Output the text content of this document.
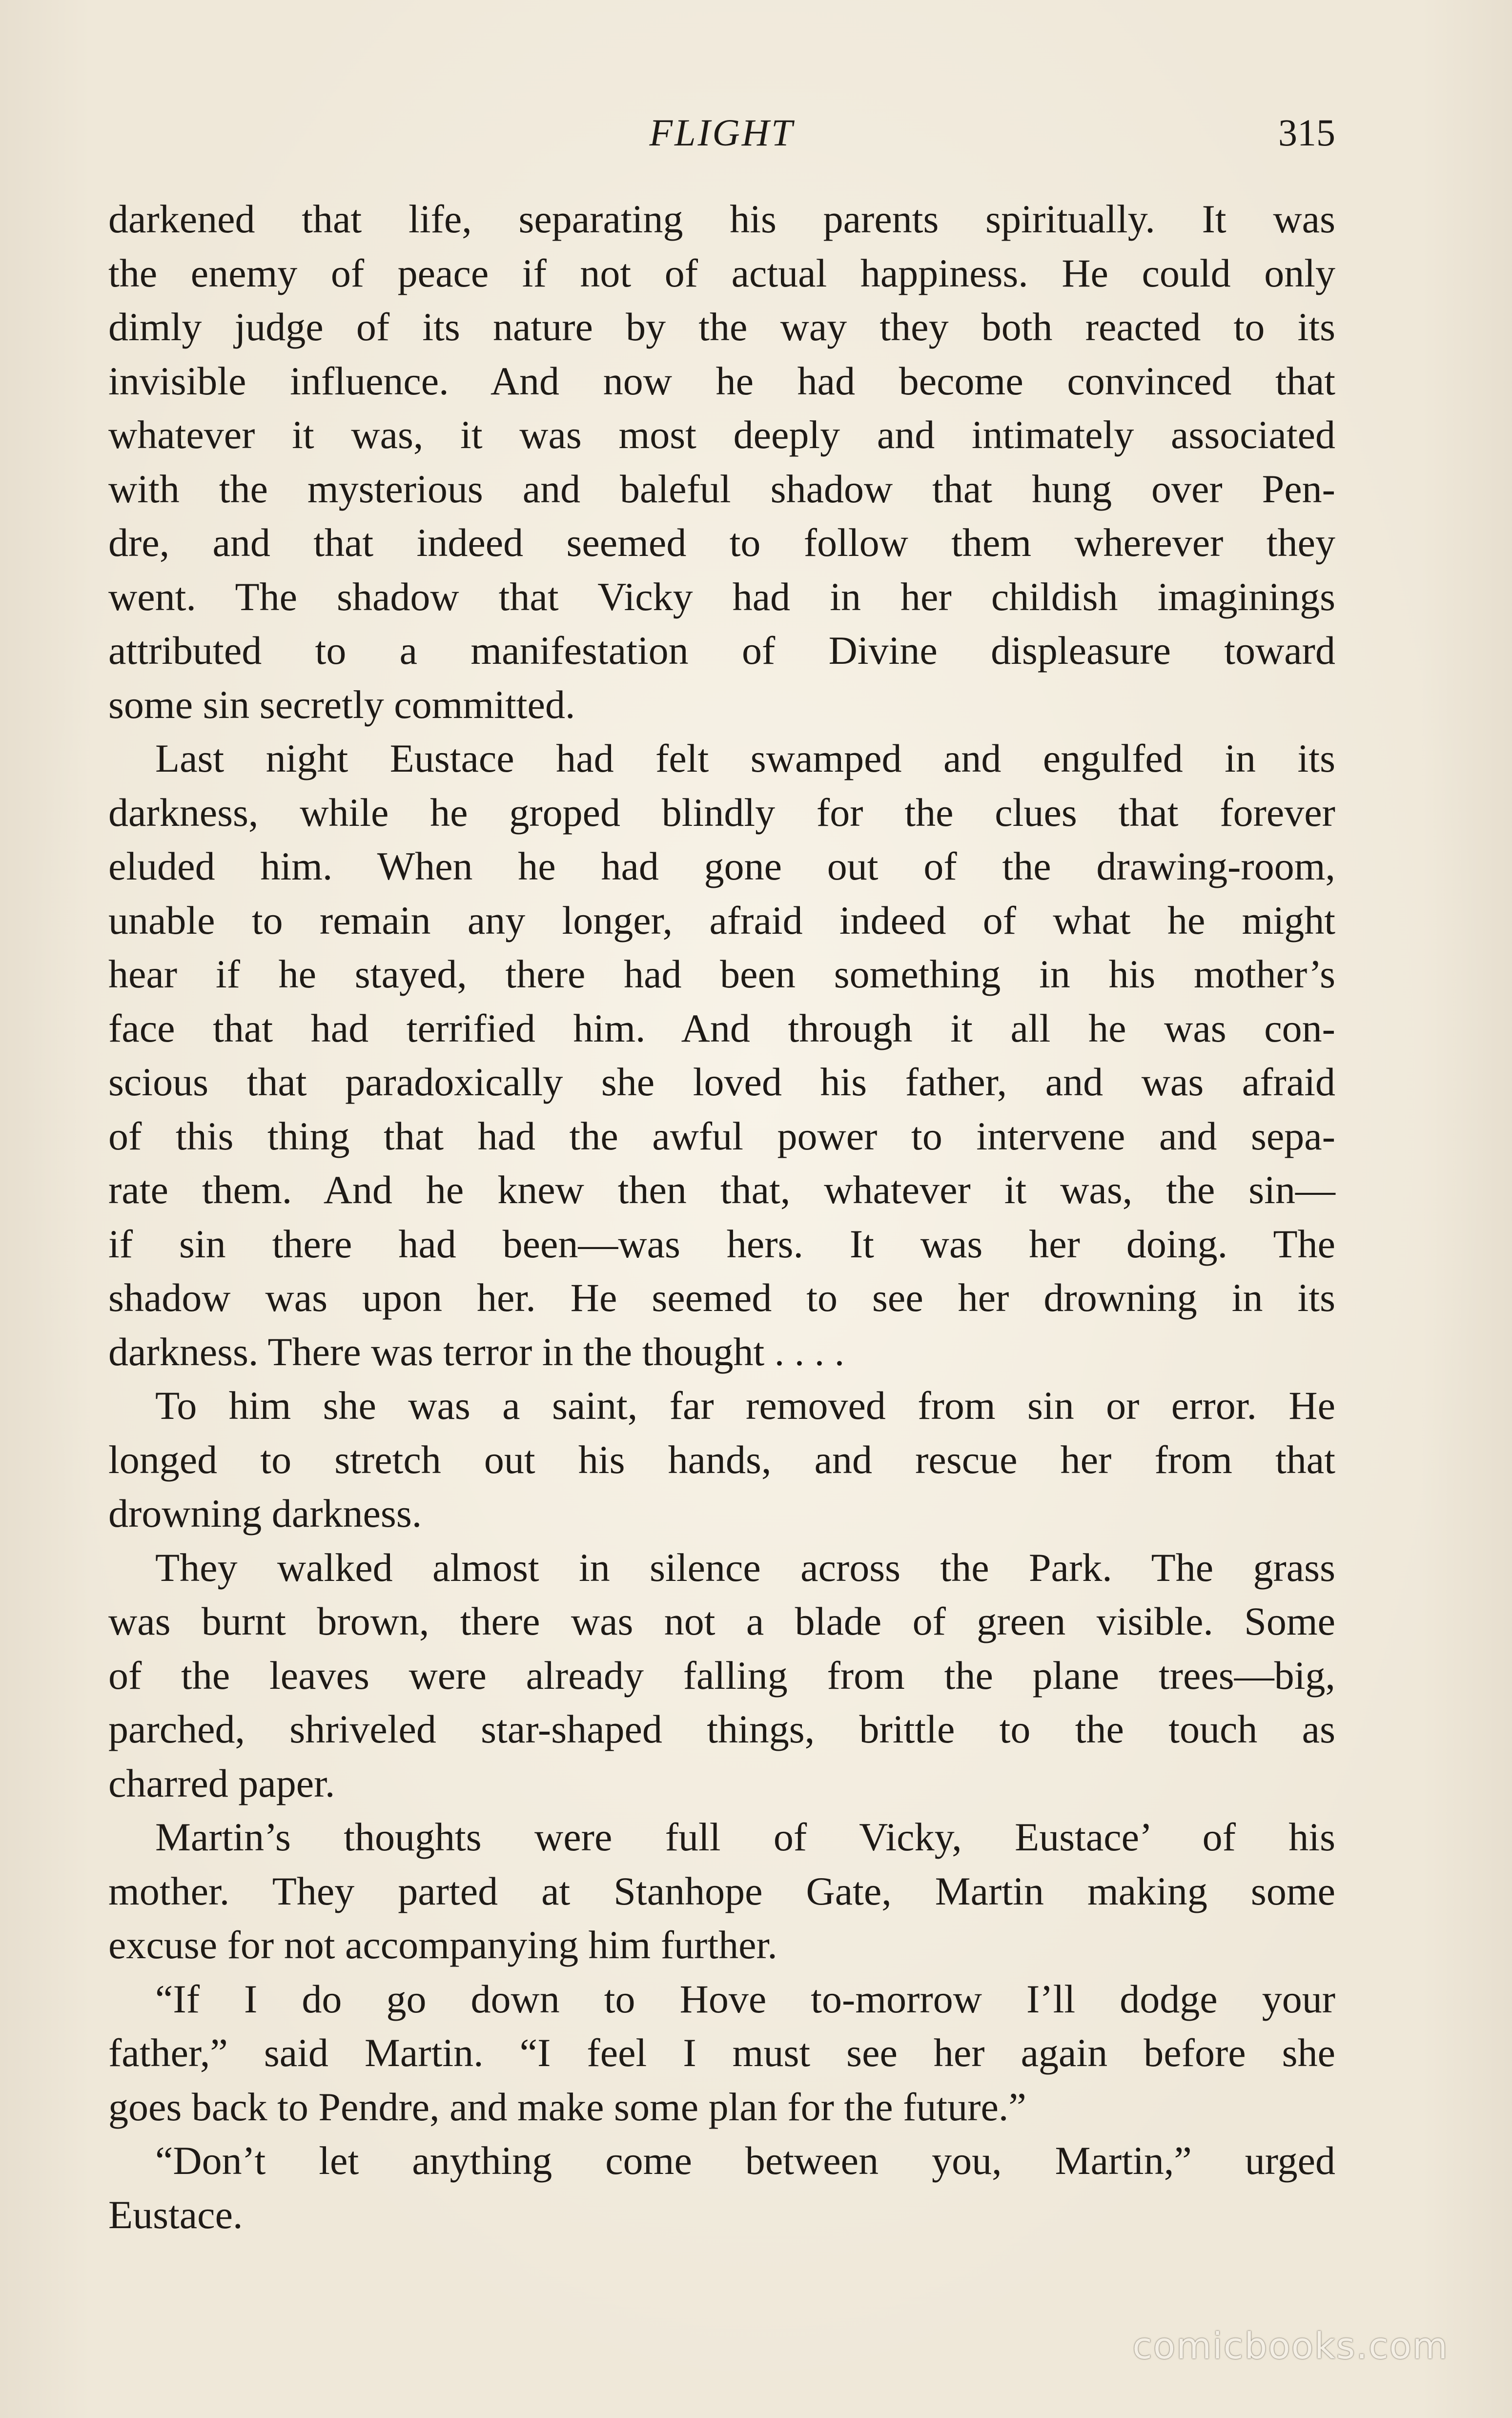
FLIGHT	315
darkened that life, separating his parents spiritually. It was
the enemy of peace if not of actual happiness. He could only
dimly judge of its nature by the way they both reacted to its
invisible influence. And now he had become convinced that
whatever it was, it was most deeply and intimately associated
with the mysterious and baleful shadow that hung over Pen-
dre, and that indeed seemed to follow them wherever they
went. The shadow that Vicky had in her childish imaginings
attributed to a manifestation of Divine displeasure toward
some sin secretly committed.
Last night Eustace had felt swamped and engulfed in its
darkness, while he groped blindly for the clues that forever
eluded him. When he had gone out of the drawing-room,
unable to remain any longer, afraid indeed of what he might
hear if he stayed, there had been something in his mother’s
face that had terrified him. And through it all he was con-
scious that paradoxically she loved his father, and was afraid
of this thing that had the awful power to intervene and sepa-
rate them. And he knew then that, whatever it was, the sin—
if sin there had been—was hers. It was her doing. The
shadow was upon her. He seemed to see her drowning in its
darkness. There was terror in the thought . . . .
To him she was a saint, far removed from sin or error. He
longed to stretch out his hands, and rescue her from that
drowning darkness.
They walked almost in silence across the Park. The grass
was burnt brown, there was not a blade of green visible. Some
of the leaves were already falling from the plane trees—big,
parched, shriveled star-shaped things, brittle to the touch as
charred paper.
Martin’s thoughts were full of Vicky, Eustace’ of his
mother. They parted at Stanhope Gate, Martin making some
excuse for not accompanying him further.
“If I do go down to Hove to-morrow I’ll dodge your
father,” said Martin. “I feel I must see her again before she
goes back to Pendre, and make some plan for the future.”
“Don’t let anything come between you, Martin,” urged
Eustace.
comicbooks.com
